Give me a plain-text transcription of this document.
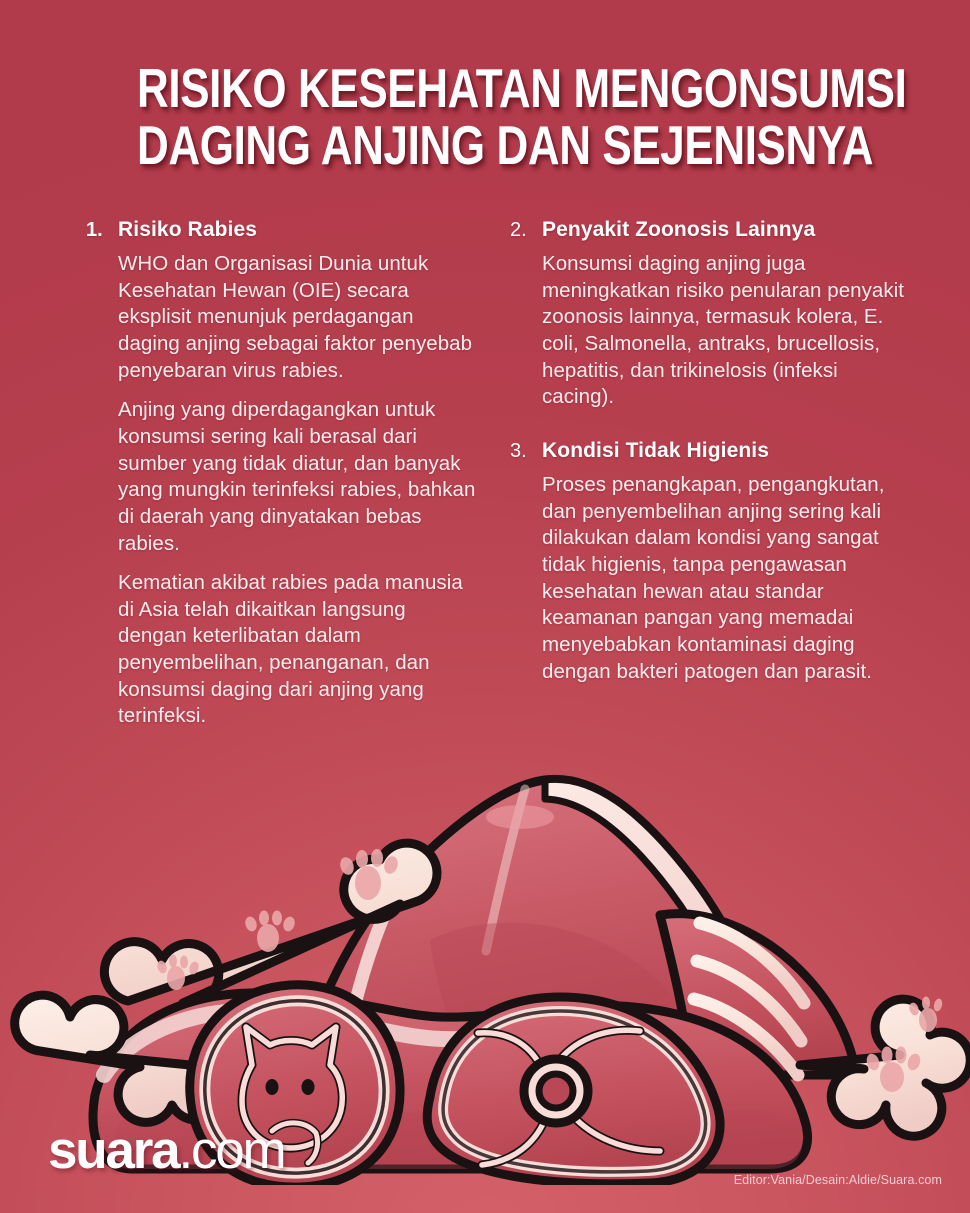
RISIKO KESEHATAN MENGONSUMSI
DAGING ANJING DAN SEJENISNYA
1. Risiko Rabies

WHO dan Organisasi Dunia untuk Kesehatan Hewan (OIE) secara eksplisit menunjuk perdagangan daging anjing sebagai faktor penyebab penyebaran virus rabies.

Anjing yang diperdagangkan untuk konsumsi sering kali berasal dari sumber yang tidak diatur, dan banyak yang mungkin terinfeksi rabies, bahkan di daerah yang dinyatakan bebas rabies.

Kematian akibat rabies pada manusia di Asia telah dikaitkan langsung dengan keterlibatan dalam penyembelihan, penanganan, dan konsumsi daging dari anjing yang terinfeksi.

2. Penyakit Zoonosis Lainnya

Konsumsi daging anjing juga meningkatkan risiko penularan penyakit zoonosis lainnya, termasuk kolera, E. coli, Salmonella, antraks, brucellosis, hepatitis, dan trikinelosis (infeksi cacing).

3. Kondisi Tidak Higienis

Proses penangkapan, pengangkutan, dan penyembelihan anjing sering kali dilakukan dalam kondisi yang sangat tidak higienis, tanpa pengawasan kesehatan hewan atau standar keamanan pangan yang memadai menyebabkan kontaminasi daging dengan bakteri patogen dan parasit.

suara.com	Editor:Vania/Desain:Aldie/Suara.com
